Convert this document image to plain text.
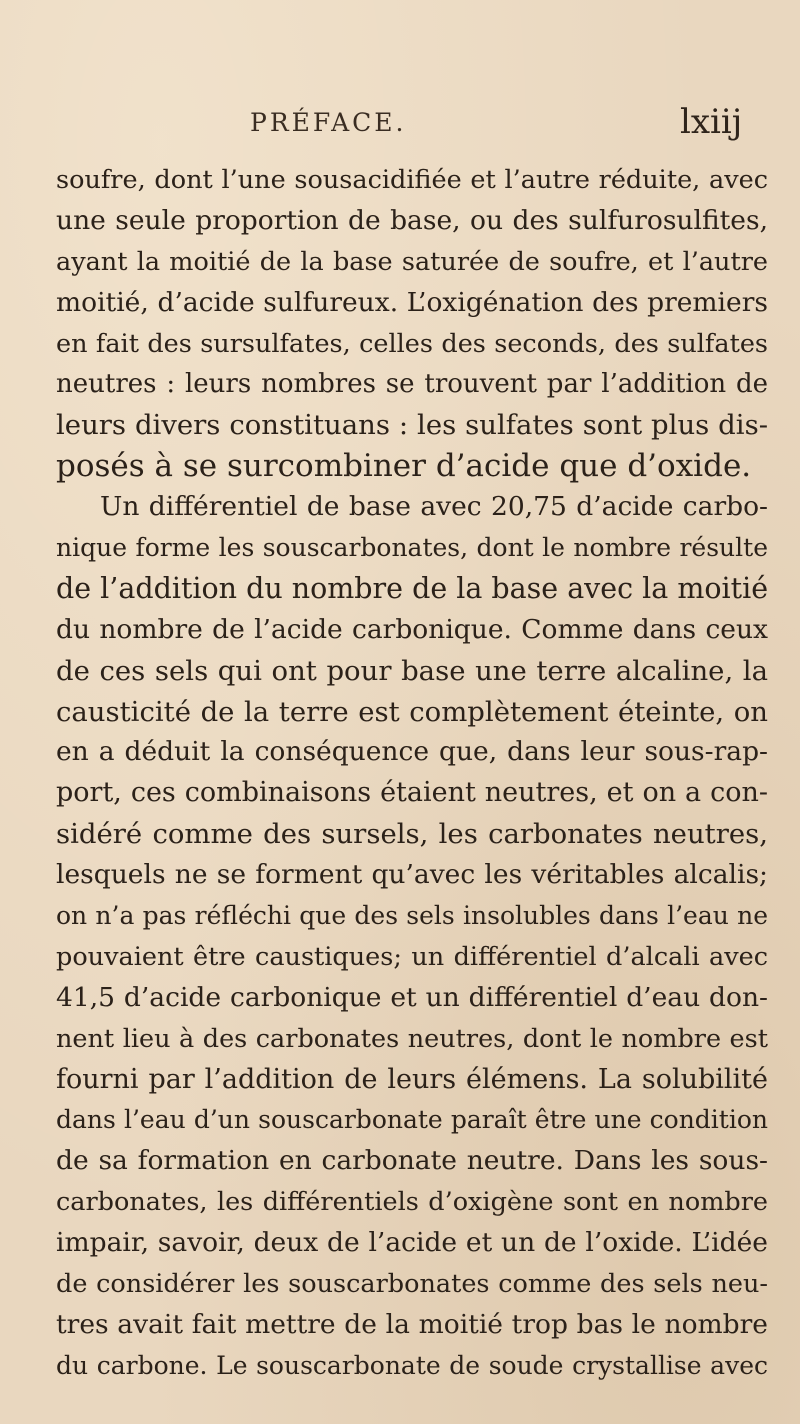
PRÉFACE.	lxiij
soufre, dont l’une sousacidifiée et l’autre réduite, avec
une seule proportion de base, ou des sulfurosulfites,
ayant la moitié de la base saturée de soufre, et l’autre
moitié, d’acide sulfureux. L’oxigénation des premiers
en fait des sursulfates, celles des seconds, des sulfates
neutres : leurs nombres se trouvent par l’addition de
leurs divers constituans : les sulfates sont plus dis-
posés à se surcombiner d’acide que d’oxide.
Un différentiel de base avec 20,75 d’acide carbo-
nique forme les souscarbonates, dont le nombre résulte
de l’addition du nombre de la base avec la moitié
du nombre de l’acide carbonique. Comme dans ceux
de ces sels qui ont pour base une terre alcaline, la
causticité de la terre est complètement éteinte, on
en a déduit la conséquence que, dans leur sous-rap-
port, ces combinaisons étaient neutres, et on a con-
sidéré comme des sursels, les carbonates neutres,
lesquels ne se forment qu’avec les véritables alcalis;
on n’a pas réfléchi que des sels insolubles dans l’eau ne
pouvaient être caustiques; un différentiel d’alcali avec
41,5 d’acide carbonique et un différentiel d’eau don-
nent lieu à des carbonates neutres, dont le nombre est
fourni par l’addition de leurs élémens. La solubilité
dans l’eau d’un souscarbonate paraît être une condition
de sa formation en carbonate neutre. Dans les sous-
carbonates, les différentiels d’oxigène sont en nombre
impair, savoir, deux de l’acide et un de l’oxide. L’idée
de considérer les souscarbonates comme des sels neu-
tres avait fait mettre de la moitié trop bas le nombre
du carbone. Le souscarbonate de soude crystallise avec
